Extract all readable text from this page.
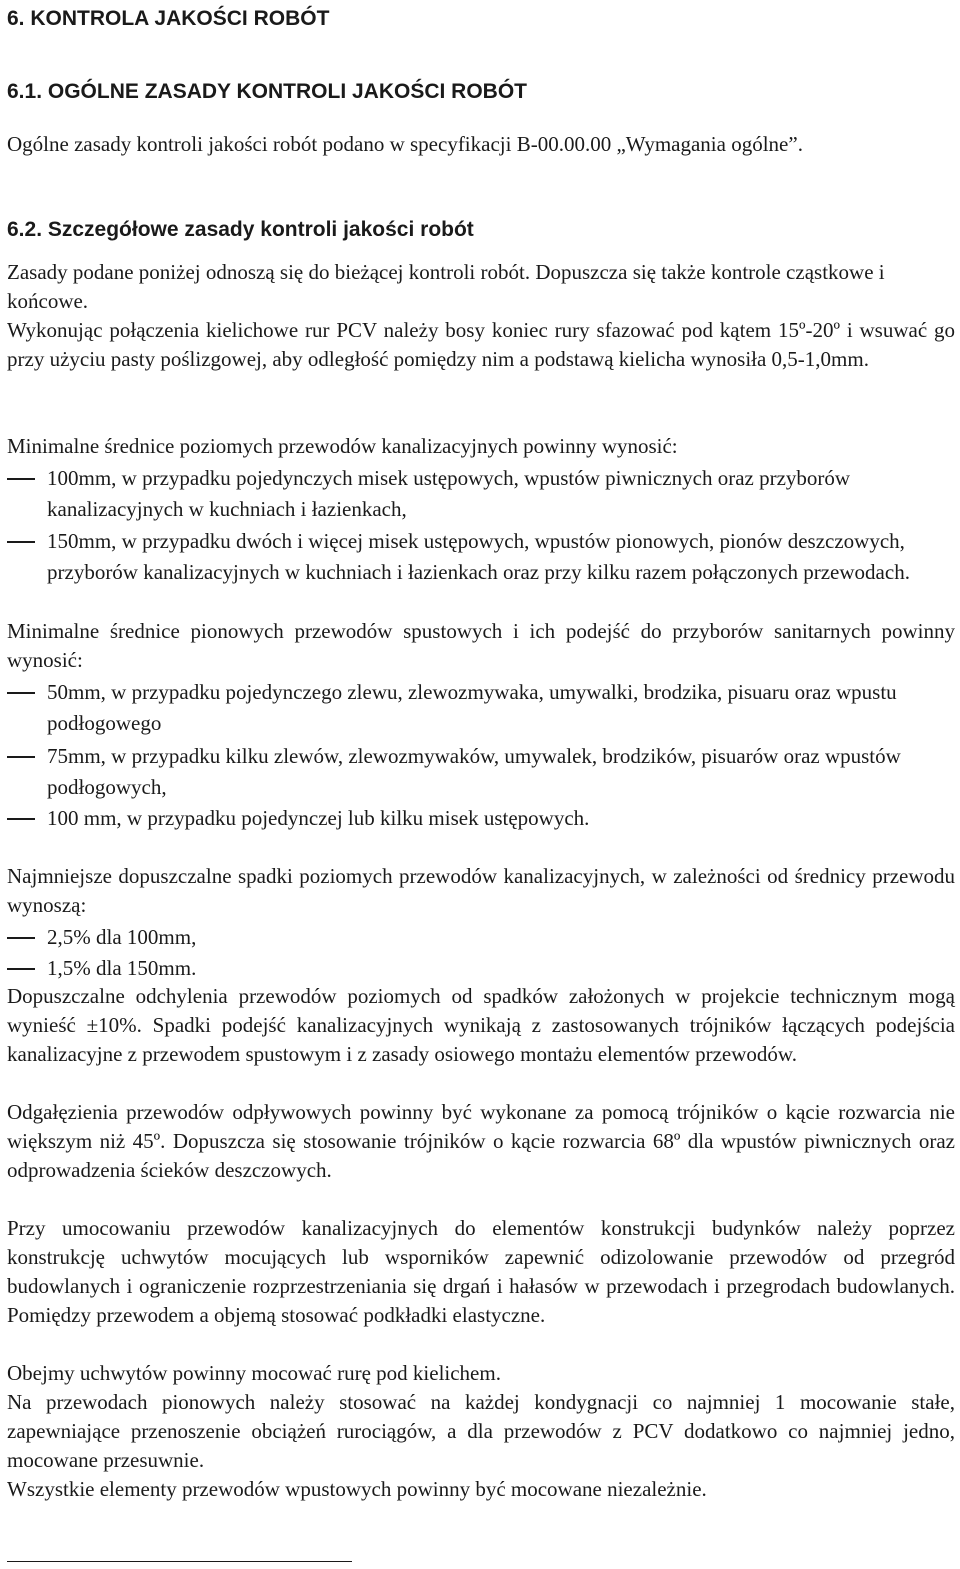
6. KONTROLA JAKOŚCI ROBÓT
6.1. OGÓLNE ZASADY KONTROLI JAKOŚCI ROBÓT

Ogólne zasady kontroli jakości robót podano w specyfikacji B-00.00.00 „Wymagania ogólne”.

6.2. Szczegółowe zasady kontroli jakości robót

Zasady podane poniżej odnoszą się do bieżącej kontroli robót. Dopuszcza się także kontrole cząstkowe i końcowe.

Wykonując połączenia kielichowe rur PCV należy bosy koniec rury sfazować pod kątem 15º-20º i wsuwać go przy użyciu pasty poślizgowej, aby odległość pomiędzy nim a podstawą kielicha wynosiła 0,5-1,0mm.

Minimalne średnice poziomych przewodów kanalizacyjnych powinny wynosić:

100mm, w przypadku pojedynczych misek ustępowych, wpustów piwnicznych oraz przyborów kanalizacyjnych w kuchniach i łazienkach,
150mm, w przypadku dwóch i więcej misek ustępowych, wpustów pionowych, pionów deszczowych, przyborów kanalizacyjnych w kuchniach i łazienkach oraz przy kilku razem połączonych przewodach.

Minimalne średnice pionowych przewodów spustowych i ich podejść do przyborów sanitarnych powinny wynosić:

50mm, w przypadku pojedynczego zlewu, zlewozmywaka, umywalki, brodzika, pisuaru oraz wpustu podłogowego
75mm, w przypadku kilku zlewów, zlewozmywaków, umywalek, brodzików, pisuarów oraz wpustów podłogowych,
100 mm, w przypadku pojedynczej lub kilku misek ustępowych.

Najmniejsze dopuszczalne spadki poziomych przewodów kanalizacyjnych, w zależności od średnicy przewodu wynoszą:

2,5% dla 100mm,
1,5% dla 150mm.

Dopuszczalne odchylenia przewodów poziomych od spadków założonych w projekcie technicznym mogą wynieść ±10%. Spadki podejść kanalizacyjnych wynikają z zastosowanych trójników łączących podejścia kanalizacyjne z przewodem spustowym i z zasady osiowego montażu elementów przewodów.

Odgałęzienia przewodów odpływowych powinny być wykonane za pomocą trójników o kącie rozwarcia nie większym niż 45º. Dopuszcza się stosowanie trójników o kącie rozwarcia 68º dla wpustów piwnicznych oraz odprowadzenia ścieków deszczowych.

Przy umocowaniu przewodów kanalizacyjnych do elementów konstrukcji budynków należy poprzez konstrukcję uchwytów mocujących lub wsporników zapewnić odizolowanie przewodów od przegród budowlanych i ograniczenie rozprzestrzeniania się drgań i hałasów w przewodach i przegrodach budowlanych. Pomiędzy przewodem a objemą stosować podkładki elastyczne.

Obejmy uchwytów powinny mocować rurę pod kielichem.

Na przewodach pionowych należy stosować na każdej kondygnacji co najmniej 1 mocowanie stałe, zapewniające przenoszenie obciążeń rurociągów, a dla przewodów z PCV dodatkowo co najmniej jedno, mocowane przesuwnie.

Wszystkie elementy przewodów wpustowych powinny być mocowane niezależnie.
